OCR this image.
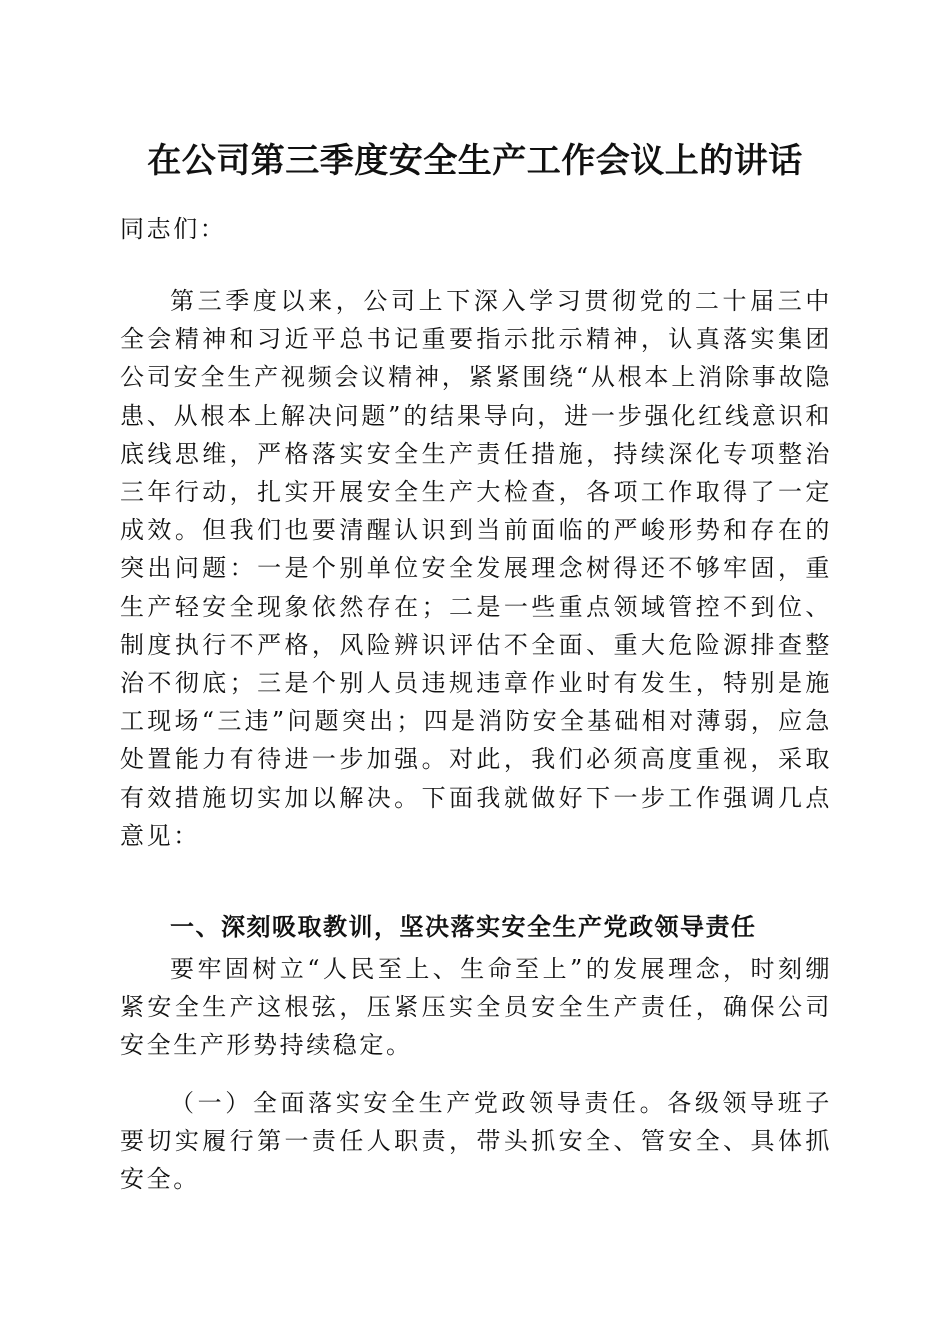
在公司第三季度安全生产工作会议上的讲话
同志们：
第三季度以来，公司上下深入学习贯彻党的二十届三中全会精神和习近平总书记重要指示批示精神，认真落实集团公司安全生产视频会议精神，紧紧围绕“从根本上消除事故隐患、从根本上解决问题”的结果导向，进一步强化红线意识和底线思维，严格落实安全生产责任措施，持续深化专项整治三年行动，扎实开展安全生产大检查，各项工作取得了一定成效。但我们也要清醒认识到当前面临的严峻形势和存在的突出问题：一是个别单位安全发展理念树得还不够牢固，重生产轻安全现象依然存在；二是一些重点领域管控不到位、制度执行不严格，风险辨识评估不全面、重大危险源排查整治不彻底；三是个别人员违规违章作业时有发生，特别是施工现场“三违”问题突出；四是消防安全基础相对薄弱，应急处置能力有待进一步加强。对此，我们必须高度重视，采取有效措施切实加以解决。下面我就做好下一步工作强调几点意见：
一、深刻吸取教训，坚决落实安全生产党政领导责任
要牢固树立“人民至上、生命至上”的发展理念，时刻绷紧安全生产这根弦，压紧压实全员安全生产责任，确保公司安全生产形势持续稳定。
（一）全面落实安全生产党政领导责任。各级领导班子要切实履行第一责任人职责，带头抓安全、管安全、具体抓安全。
